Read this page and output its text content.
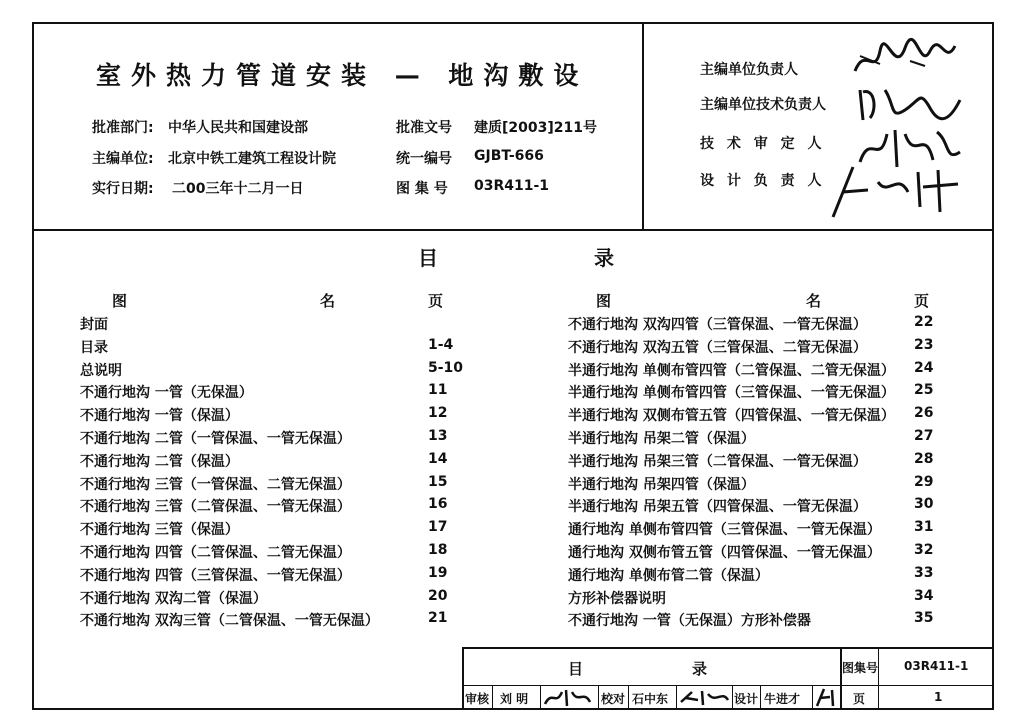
室外热力管道安装 — 地沟敷设
批准部门: 中华人民共和国建设部	批准文号 建质[2003]211号
主编单位: 北京中铁工建筑工程设计院	统一编号 GJBT-666
实行日期: 二00三年十二月一日	图 集 号 03R411-1
主编单位负责人
主编单位技术负责人
技 术 审 定 人
设 计 负 责 人
目	录
图	名	页	图	名	页
封面
目录	1-4
总说明	5-10
不通行地沟 一管（无保温）	11
不通行地沟 一管（保温）	12
不通行地沟 二管（一管保温、一管无保温）	13
不通行地沟 二管（保温）	14
不通行地沟 三管（一管保温、二管无保温）	15
不通行地沟 三管（二管保温、一管无保温）	16
不通行地沟 三管（保温）	17
不通行地沟 四管（二管保温、二管无保温）	18
不通行地沟 四管（三管保温、一管无保温）	19
不通行地沟 双沟二管（保温）	20
不通行地沟 双沟三管（二管保温、一管无保温）	21
不通行地沟 双沟四管（三管保温、一管无保温）	22
不通行地沟 双沟五管（三管保温、二管无保温）	23
半通行地沟 单侧布管四管（二管保温、二管无保温） 24
半通行地沟 单侧布管四管（三管保温、一管无保温） 25
半通行地沟 双侧布管五管（四管保温、一管无保温） 26
半通行地沟 吊架二管（保温）	27
半通行地沟 吊架三管（二管保温、一管无保温）	28
半通行地沟 吊架四管（保温）	29
半通行地沟 吊架五管（四管保温、一管无保温）	30
通行地沟 单侧布管四管（三管保温、一管无保温） 31
通行地沟 双侧布管五管（四管保温、一管无保温） 32
通行地沟 单侧布管二管（保温）	33
方形补偿器说明	34
不通行地沟 一管（无保温）方形补偿器	35
目	录	图集号 03R411-1
审核 刘 明	校对 石中东	设计 牛进才	页	1
